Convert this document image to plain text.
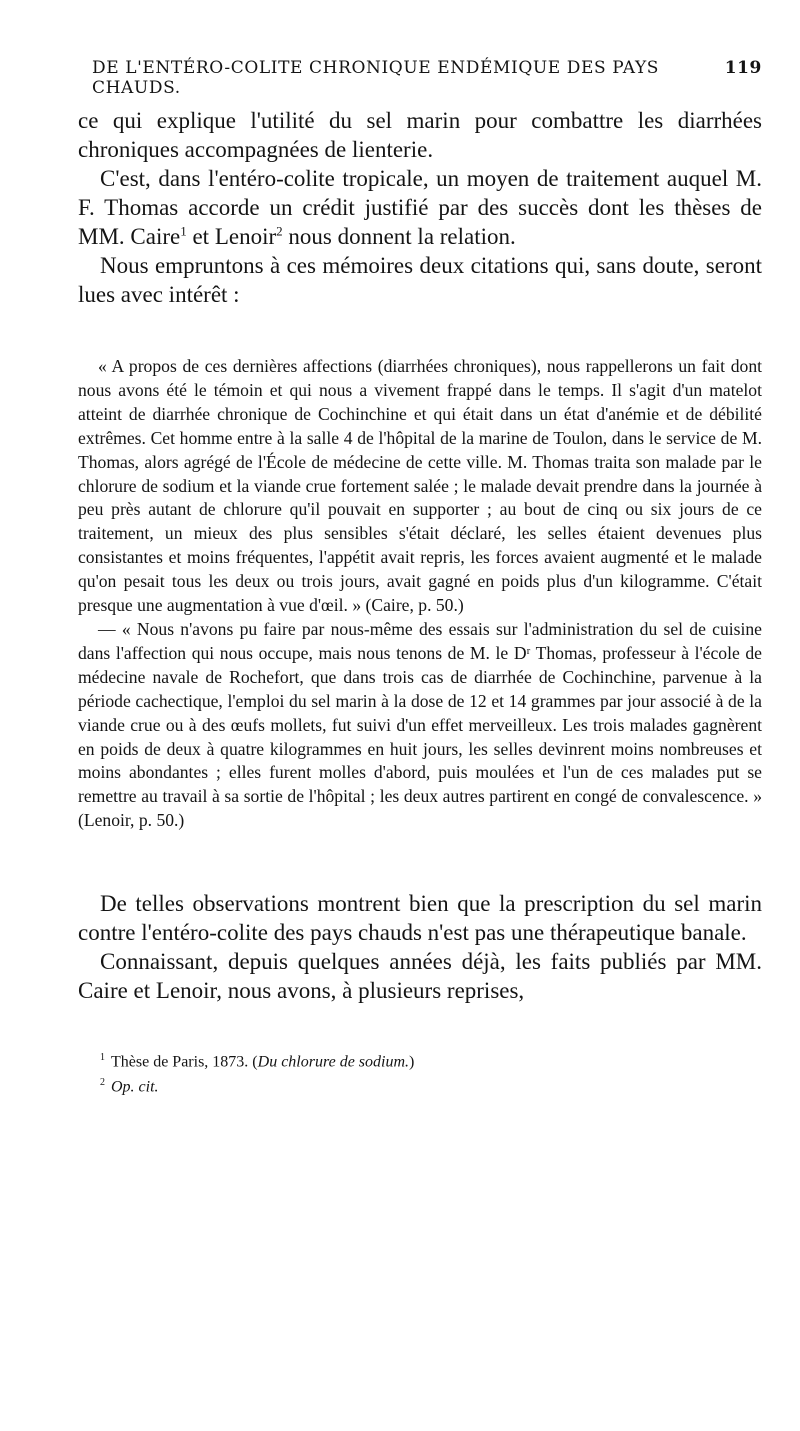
DE L'ENTÉRO-COLITE CHRONIQUE ENDÉMIQUE DES PAYS CHAUDS.
119

ce qui explique l'utilité du sel marin pour combattre les diarrhées chroniques accompagnées de lienterie.

C'est, dans l'entéro-colite tropicale, un moyen de traitement auquel M. F. Thomas accorde un crédit justifié par des succès dont les thèses de MM. Caire$^1$ et Lenoir$^2$ nous donnent la relation.

Nous empruntons à ces mémoires deux citations qui, sans doute, seront lues avec intérêt :

« A propos de ces dernières affections (diarrhées chroniques), nous rappellerons un fait dont nous avons été le témoin et qui nous a vivement frappé dans le temps. Il s'agit d'un matelot atteint de diarrhée chronique de Cochinchine et qui était dans un état d'anémie et de débilité extrêmes. Cet homme entre à la salle 4 de l'hôpital de la marine de Toulon, dans le service de M. Thomas, alors agrégé de l'École de médecine de cette ville. M. Thomas traita son malade par le chlorure de sodium et la viande crue fortement salée ; le malade devait prendre dans la journée à peu près autant de chlorure qu'il pouvait en supporter ; au bout de cinq ou six jours de ce traitement, un mieux des plus sensibles s'était déclaré, les selles étaient devenues plus consistantes et moins fréquentes, l'appétit avait repris, les forces avaient augmenté et le malade qu'on pesait tous les deux ou trois jours, avait gagné en poids plus d'un kilogramme. C'était presque une augmentation à vue d'œil. » (Caire, p. 50.)

— « Nous n'avons pu faire par nous-même des essais sur l'administration du sel de cuisine dans l'affection qui nous occupe, mais nous tenons de M. le Dʳ Thomas, professeur à l'école de médecine navale de Rochefort, que dans trois cas de diarrhée de Cochinchine, parvenue à la période cachectique, l'emploi du sel marin à la dose de 12 et 14 grammes par jour associé à de la viande crue ou à des œufs mollets, fut suivi d'un effet merveilleux. Les trois malades gagnèrent en poids de deux à quatre kilogrammes en huit jours, les selles devinrent moins nombreuses et moins abondantes ; elles furent molles d'abord, puis moulées et l'un de ces malades put se remettre au travail à sa sortie de l'hôpital ; les deux autres partirent en congé de convalescence. » (Lenoir, p. 50.)

De telles observations montrent bien que la prescription du sel marin contre l'entéro-colite des pays chauds n'est pas une thérapeutique banale.

Connaissant, depuis quelques années déjà, les faits publiés par MM. Caire et Lenoir, nous avons, à plusieurs reprises,

$^1$ Thèse de Paris, 1873. (Du chlorure de sodium.)

$^2$ Op. cit.
